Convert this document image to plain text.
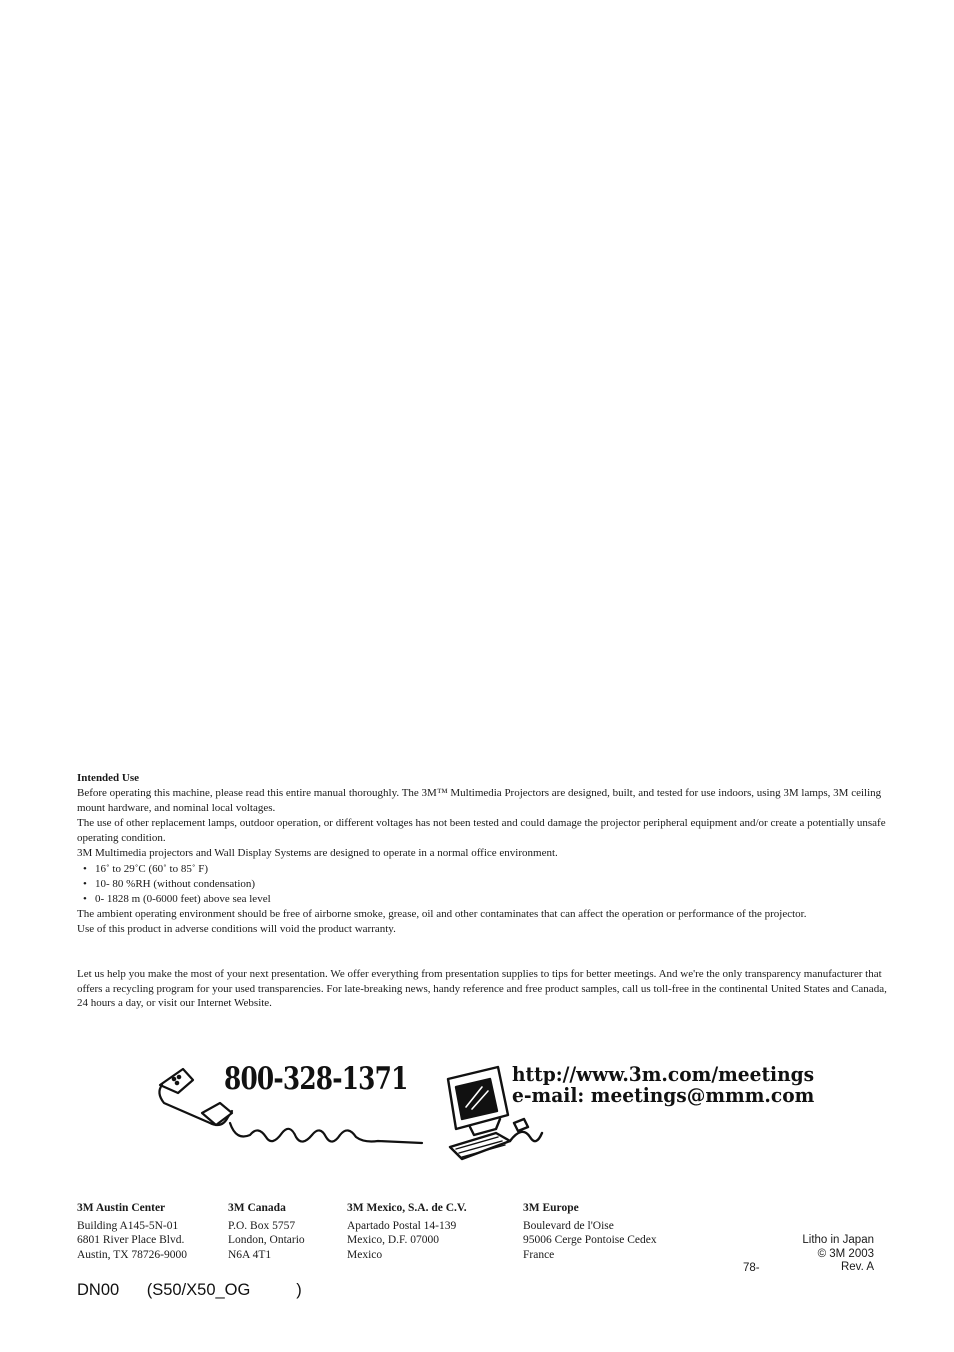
Intended Use

Before operating this machine, please read this entire manual thoroughly. The 3M™ Multimedia Projectors are designed, built, and tested for use indoors, using 3M lamps, 3M ceiling mount hardware, and nominal local voltages.

The use of other replacement lamps, outdoor operation, or different voltages has not been tested and could damage the projector peripheral equipment and/or create a potentially unsafe operating condition.

3M Multimedia projectors and Wall Display Systems are designed to operate in a normal office environment.

• 16˚ to 29˚C (60˚ to 85˚ F)
• 10- 80 %RH (without condensation)
• 0- 1828 m (0-6000 feet) above sea level

The ambient operating environment should be free of airborne smoke, grease, oil and other contaminates that can affect the operation or performance of the projector.

Use of this product in adverse conditions will void the product warranty.

Let us help you make the most of your next presentation. We offer everything from presentation supplies to tips for better meetings. And we're the only transparency manufacturer that offers a recycling program for your used transparencies. For late-breaking news, handy reference and free product samples, call us toll-free in the continental United States and Canada, 24 hours a day, or visit our Internet Website.

800-328-1371	http://www.3m.com/meetings
e-mail: meetings@mmm.com
3M Austin Center
Building A145-5N-01
6801 River Place Blvd.
Austin, TX 78726-9000
3M Canada
P.O. Box 5757
London, Ontario
N6A 4T1
3M Mexico, S.A. de C.V.
Apartado Postal 14-139
Mexico, D.F. 07000
Mexico
3M Europe
Boulevard de l'Oise
95006 Cerge Pontoise Cedex
France
Litho in Japan
© 3M 2003
Rev. A
78-
DN00 (S50/X50_OG	)
